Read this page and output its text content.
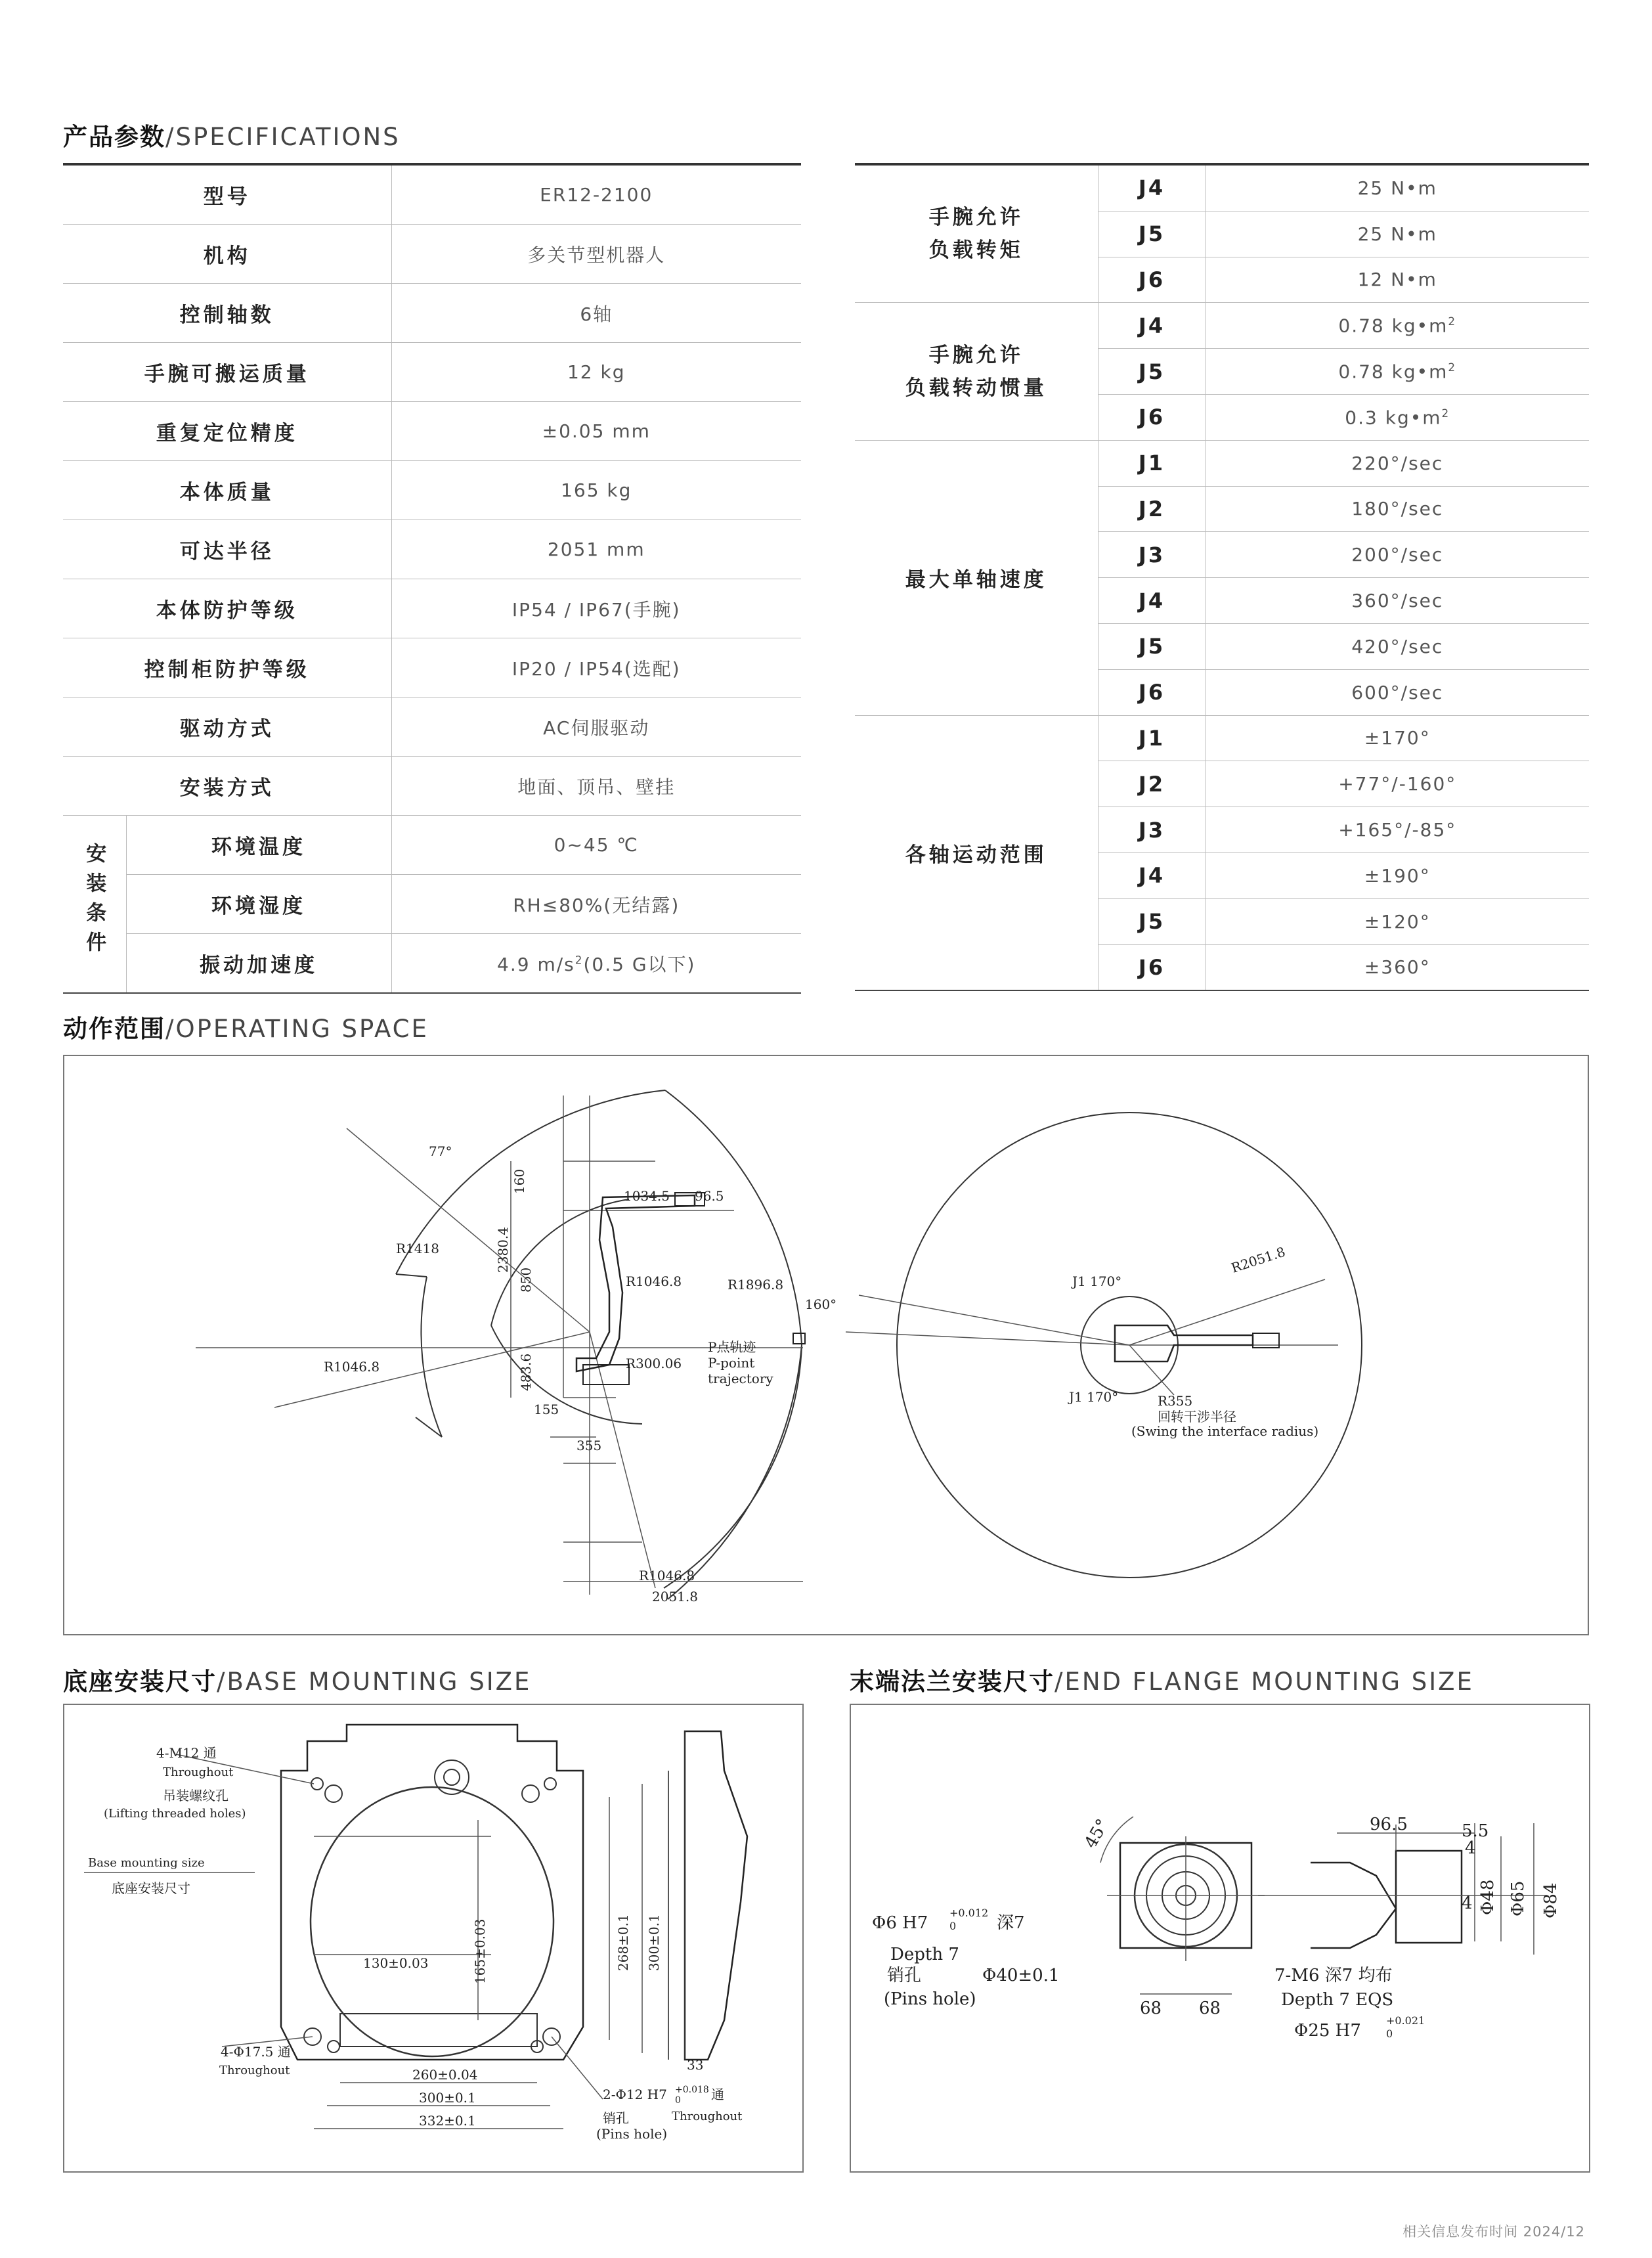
产品参数/SPECIFICATIONS
型号		ER12-2100
机构		多关节型机器人
控制轴数		6轴
手腕可搬运质量		12 kg
重复定位精度		±0.05 mm
本体质量		165 kg
可达半径		2051 mm
本体防护等级		IP54 / IP67(手腕)
控制柜防护等级		IP20 / IP54(选配)
驱动方式		AC伺服驱动
安装方式		地面、顶吊、壁挂
安装条件	环境温度	0~45 ℃
	环境湿度	RH≤80%(无结露)
	振动加速度	4.9 $m/s^2(0.5$ G以下)
手腕允许
负载转矩	J4	25 N•m
	J5	25 N•m
	J6	12 N•m

手腕允许
负载转动惯量	J4	0.78 $kg•m^2$
	J5	0.78 $kg•m^2$
	J6	0.3 $kg•m^2$
最大单轴速度	J1	220°/sec
	J2	180°/sec
	J3	200°/sec
	J4	360°/sec
	J5	420°/sec
	J6	600°/sec
各轴运动范围	J1	±170°
	J2	+77°/-160°
	J3	+165°/-85°
	J4	±190°
	J5	±120°
	J6	±360°
动作范围/OPERATING SPACE
77°
R1418
1034.5 96.5
160
2380.4
850	R1046.8	R1896.8
160°
R1046.8	483.6	R300.06
P点轨迹
P-point
trajectory
155
355
R1046.8
2051.8
R2051.8
J1 170°
J1 170°	R355
回转干涉半径
(Swing the interface radius)
底座安装尺寸/BASE MOUNTING SIZE
4-M12 通
Throughout
吊装螺纹孔
(Lifting threaded holes)
Base mounting size
底座安装尺寸
130±0.03	165±0.03	268±0.1 300±0.1
4-Φ17.5 通
Throughout	260±0.04
300±0.1
332±0.1
2-Φ12 H7 +0.018
0 通
Throughout
销孔
(Pins hole)
33
末端法兰安装尺寸/END FLANGE MOUNTING SIZE
96.5	5.5
4
4 Φ48 Φ65 Φ84
45°
Φ6 H7
+0.012
0 深7
Depth 7
销孔	Φ40±0.1
(Pins hole)	68 68
7-M6 深7 均布
Depth 7 EQS
Φ25 H7
+0.021
0
相关信息发布时间 2024/12
